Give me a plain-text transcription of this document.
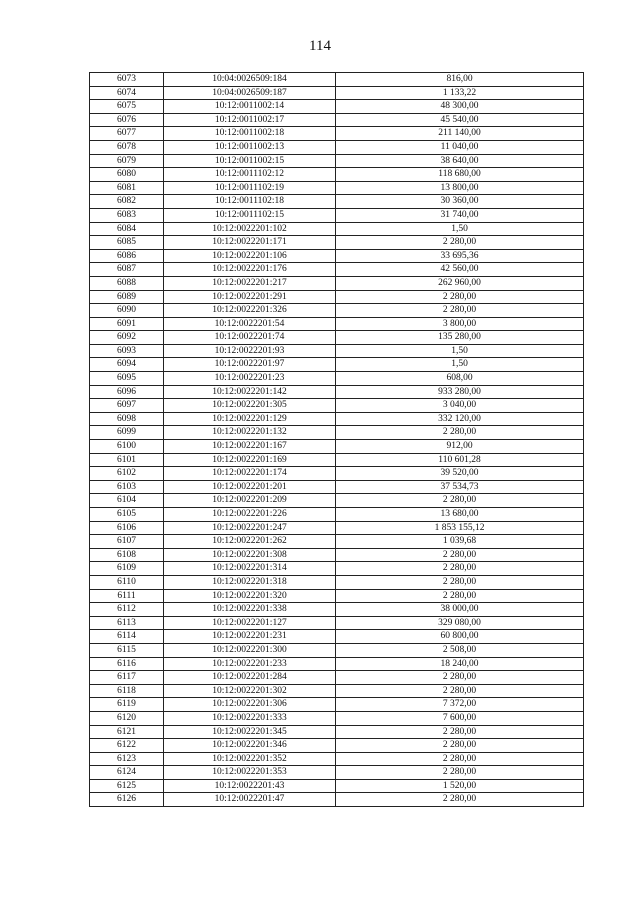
114
6073	10:04:0026509:184	816,00
6074	10:04:0026509:187	1 133,22
6075	10:12:0011002:14	48 300,00
6076	10:12:0011002:17	45 540,00
6077	10:12:0011002:18	211 140,00
6078	10:12:0011002:13	11 040,00
6079	10:12:0011002:15	38 640,00
6080	10:12:0011102:12	118 680,00
6081	10:12:0011102:19	13 800,00
6082	10:12:0011102:18	30 360,00
6083	10:12:0011102:15	31 740,00
6084	10:12:0022201:102	1,50
6085	10:12:0022201:171	2 280,00
6086	10:12:0022201:106	33 695,36
6087	10:12:0022201:176	42 560,00
6088	10:12:0022201:217	262 960,00
6089	10:12:0022201:291	2 280,00
6090	10:12:0022201:326	2 280,00
6091	10:12:0022201:54	3 800,00
6092	10:12:0022201:74	135 280,00
6093	10:12:0022201:93	1,50
6094	10:12:0022201:97	1,50
6095	10:12:0022201:23	608,00
6096	10:12:0022201:142	933 280,00
6097	10:12:0022201:305	3 040,00
6098	10:12:0022201:129	332 120,00
6099	10:12:0022201:132	2 280,00
6100	10:12:0022201:167	912,00
6101	10:12:0022201:169	110 601,28
6102	10:12:0022201:174	39 520,00
6103	10:12:0022201:201	37 534,73
6104	10:12:0022201:209	2 280,00
6105	10:12:0022201:226	13 680,00
6106	10:12:0022201:247	1 853 155,12
6107	10:12:0022201:262	1 039,68
6108	10:12:0022201:308	2 280,00
6109	10:12:0022201:314	2 280,00
6110	10:12:0022201:318	2 280,00
6111	10:12:0022201:320	2 280,00
6112	10:12:0022201:338	38 000,00
6113	10:12:0022201:127	329 080,00
6114	10:12:0022201:231	60 800,00
6115	10:12:0022201:300	2 508,00
6116	10:12:0022201:233	18 240,00
6117	10:12:0022201:284	2 280,00
6118	10:12:0022201:302	2 280,00
6119	10:12:0022201:306	7 372,00
6120	10:12:0022201:333	7 600,00
6121	10:12:0022201:345	2 280,00
6122	10:12:0022201:346	2 280,00
6123	10:12:0022201:352	2 280,00
6124	10:12:0022201:353	2 280,00
6125	10:12:0022201:43	1 520,00
6126	10:12:0022201:47	2 280,00
